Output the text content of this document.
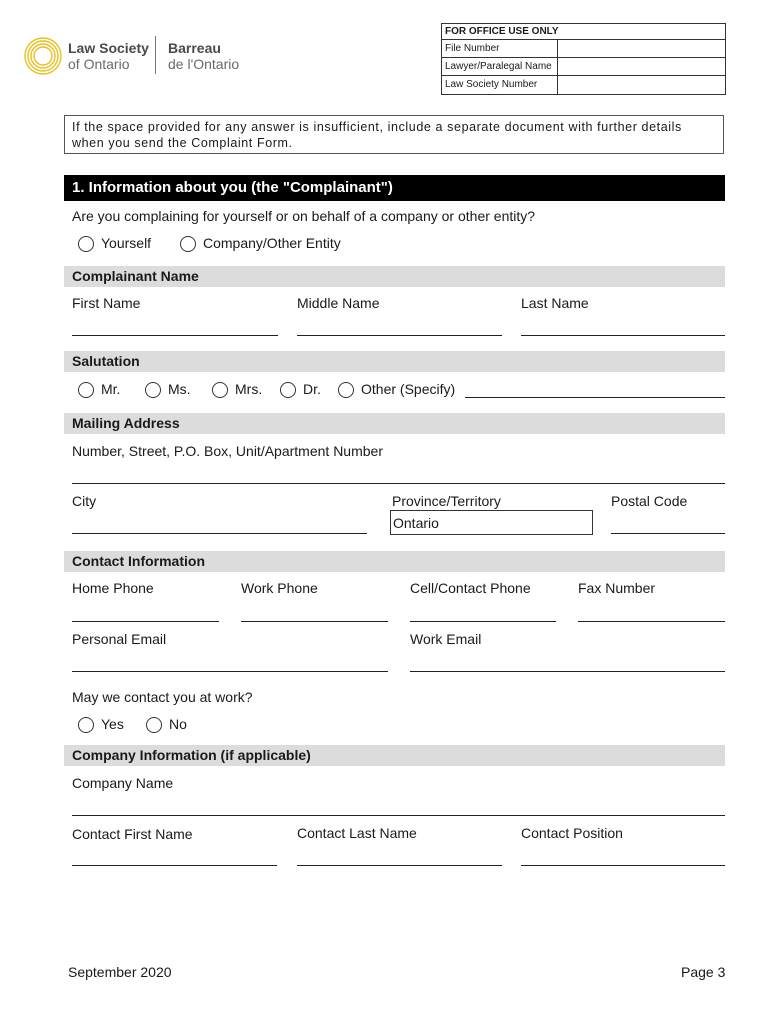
Law Society
of Ontario
Barreau
de l'Ontario
FOR OFFICE USE ONLY
File Number
Lawyer/Paralegal Name
Law Society Number
If the space provided for any answer is insufficient, include a separate document with further details when you send the Complaint Form.
1. Information about you (the "Complainant")
Are you complaining for yourself or on behalf of a company or other entity?
Yourself	Company/Other Entity
Complainant Name
First Name	Middle Name	Last Name
Salutation
Mr.	Ms.	Mrs.	Dr.	Other (Specify)
Mailing Address
Number, Street, P.O. Box, Unit/Apartment Number
City	Province/Territory	Postal Code
Ontario
Contact Information
Home Phone	Work Phone	Cell/Contact Phone	Fax Number
Personal Email	Work Email
May we contact you at work?
Yes	No
Company Information (if applicable)
Company Name
Contact First Name	Contact Last Name	Contact Position
September 2020	Page 3
